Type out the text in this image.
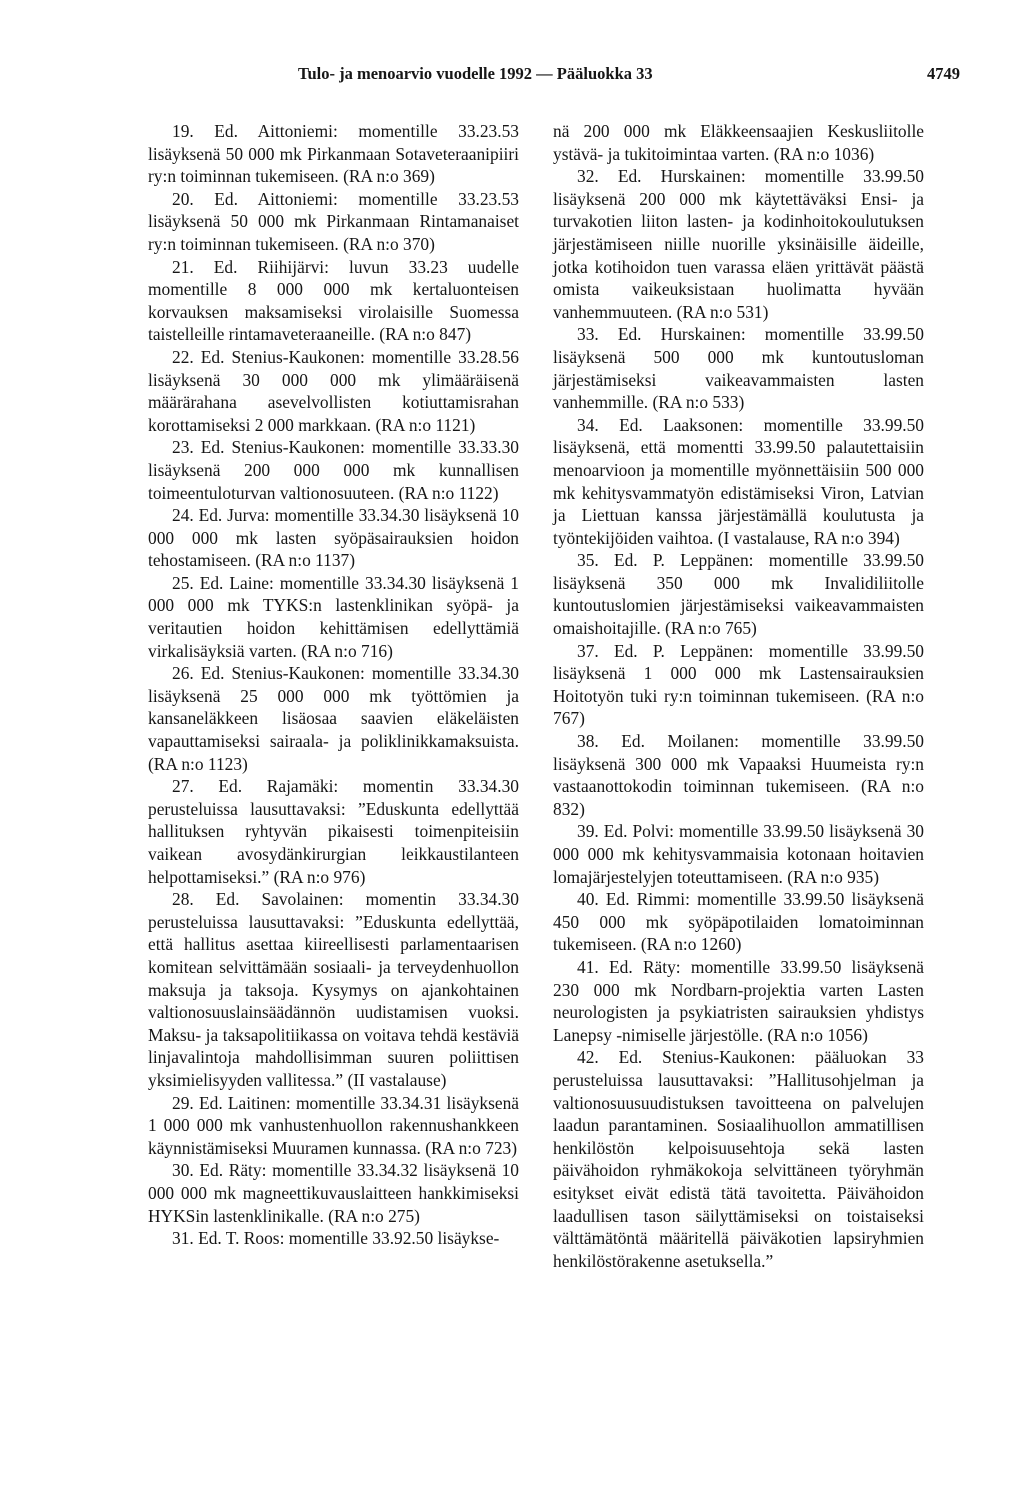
Tulo- ja menoarvio vuodelle 1992 — Pääluokka 33	4749

19. Ed. Aittoniemi: momentille 33.23.53 lisäyksenä 50 000 mk Pirkanmaan Sotaveteraanipiiri ry:n toiminnan tukemiseen. (RA n:o 369)

20. Ed. Aittoniemi: momentille 33.23.53 lisäyksenä 50 000 mk Pirkanmaan Rintamanaiset ry:n toiminnan tukemiseen. (RA n:o 370)

21. Ed. Riihijärvi: luvun 33.23 uudelle momentille 8 000 000 mk kertaluonteisen korvauksen maksamiseksi virolaisille Suomessa taistelleille rintamaveteraaneille. (RA n:o 847)

22. Ed. Stenius-Kaukonen: momentille 33.28.56 lisäyksenä 30 000 000 mk ylimääräisenä määrärahana asevelvollisten kotiuttamisrahan korottamiseksi 2 000 markkaan. (RA n:o 1121)

23. Ed. Stenius-Kaukonen: momentille 33.33.30 lisäyksenä 200 000 000 mk kunnallisen toimeentuloturvan valtionosuuteen. (RA n:o 1122)

24. Ed. Jurva: momentille 33.34.30 lisäyksenä 10 000 000 mk lasten syöpäsairauksien hoidon tehostamiseen. (RA n:o 1137)

25. Ed. Laine: momentille 33.34.30 lisäyksenä 1 000 000 mk TYKS:n lastenklinikan syöpä- ja veritautien hoidon kehittämisen edellyttämiä virkalisäyksiä varten. (RA n:o 716)

26. Ed. Stenius-Kaukonen: momentille 33.34.30 lisäyksenä 25 000 000 mk työttömien ja kansaneläkkeen lisäosaa saavien eläkeläisten vapauttamiseksi sairaala- ja poliklinikkamaksuista. (RA n:o 1123)

27. Ed. Rajamäki: momentin 33.34.30 perusteluissa lausuttavaksi: ”Eduskunta edellyttää hallituksen ryhtyvän pikaisesti toimenpiteisiin vaikean avosydänkirurgian leikkaustilanteen helpottamiseksi.” (RA n:o 976)

28. Ed. Savolainen: momentin 33.34.30 perusteluissa lausuttavaksi: ”Eduskunta edellyttää, että hallitus asettaa kiireellisesti parlamentaarisen komitean selvittämään sosiaali- ja terveydenhuollon maksuja ja taksoja. Kysymys on ajankohtainen valtionosuuslainsäädännön uudistamisen vuoksi. Maksu- ja taksapolitiikassa on voitava tehdä kestäviä linjavalintoja mahdollisimman suuren poliittisen yksimielisyyden vallitessa.” (II vastalause)

29. Ed. Laitinen: momentille 33.34.31 lisäyksenä 1 000 000 mk vanhustenhuollon rakennushankkeen käynnistämiseksi Muuramen kunnassa. (RA n:o 723)

30. Ed. Räty: momentille 33.34.32 lisäyksenä 10 000 000 mk magneettikuvauslaitteen hankkimiseksi HYKSin lastenklinikalle. (RA n:o 275)

31. Ed. T. Roos: momentille 33.92.50 lisäykse-

nä 200 000 mk Eläkkeensaajien Keskusliitolle ystävä- ja tukitoimintaa varten. (RA n:o 1036)

32. Ed. Hurskainen: momentille 33.99.50 lisäyksenä 200 000 mk käytettäväksi Ensi- ja turvakotien liiton lasten- ja kodinhoitokoulutuksen järjestämiseen niille nuorille yksinäisille äideille, jotka kotihoidon tuen varassa eläen yrittävät päästä omista vaikeuksistaan huolimatta hyvään vanhemmuuteen. (RA n:o 531)

33. Ed. Hurskainen: momentille 33.99.50 lisäyksenä 500 000 mk kuntoutusloman järjestämiseksi vaikeavammaisten lasten vanhemmille. (RA n:o 533)

34. Ed. Laaksonen: momentille 33.99.50 lisäyksenä, että momentti 33.99.50 palautettaisiin menoarvioon ja momentille myönnettäisiin 500 000 mk kehitysvammatyön edistämiseksi Viron, Latvian ja Liettuan kanssa järjestämällä koulutusta ja työntekijöiden vaihtoa. (I vastalause, RA n:o 394)

35. Ed. P. Leppänen: momentille 33.99.50 lisäyksenä 350 000 mk Invalidiliitolle kuntoutuslomien järjestämiseksi vaikeavammaisten omaishoitajille. (RA n:o 765)

37. Ed. P. Leppänen: momentille 33.99.50 lisäyksenä 1 000 000 mk Lastensairauksien Hoitotyön tuki ry:n toiminnan tukemiseen. (RA n:o 767)

38. Ed. Moilanen: momentille 33.99.50 lisäyksenä 300 000 mk Vapaaksi Huumeista ry:n vastaanottokodin toiminnan tukemiseen. (RA n:o 832)

39. Ed. Polvi: momentille 33.99.50 lisäyksenä 30 000 000 mk kehitysvammaisia kotonaan hoitavien lomajärjestelyjen toteuttamiseen. (RA n:o 935)

40. Ed. Rimmi: momentille 33.99.50 lisäyksenä 450 000 mk syöpäpotilaiden lomatoiminnan tukemiseen. (RA n:o 1260)

41. Ed. Räty: momentille 33.99.50 lisäyksenä 230 000 mk Nordbarn-projektia varten Lasten neurologisten ja psykiatristen sairauksien yhdistys Lanepsy -nimiselle järjestölle. (RA n:o 1056)

42. Ed. Stenius-Kaukonen: pääluokan 33 perusteluissa lausuttavaksi: ”Hallitusohjelman ja valtionosuusuudistuksen tavoitteena on palvelujen laadun parantaminen. Sosiaalihuollon ammatillisen henkilöstön kelpoisuusehtoja sekä lasten päivähoidon ryhmäkokoja selvittäneen työryhmän esitykset eivät edistä tätä tavoitetta. Päivähoidon laadullisen tason säilyttämiseksi on toistaiseksi välttämätöntä määritellä päiväkotien lapsiryhmien henkilöstörakenne asetuksella.”
